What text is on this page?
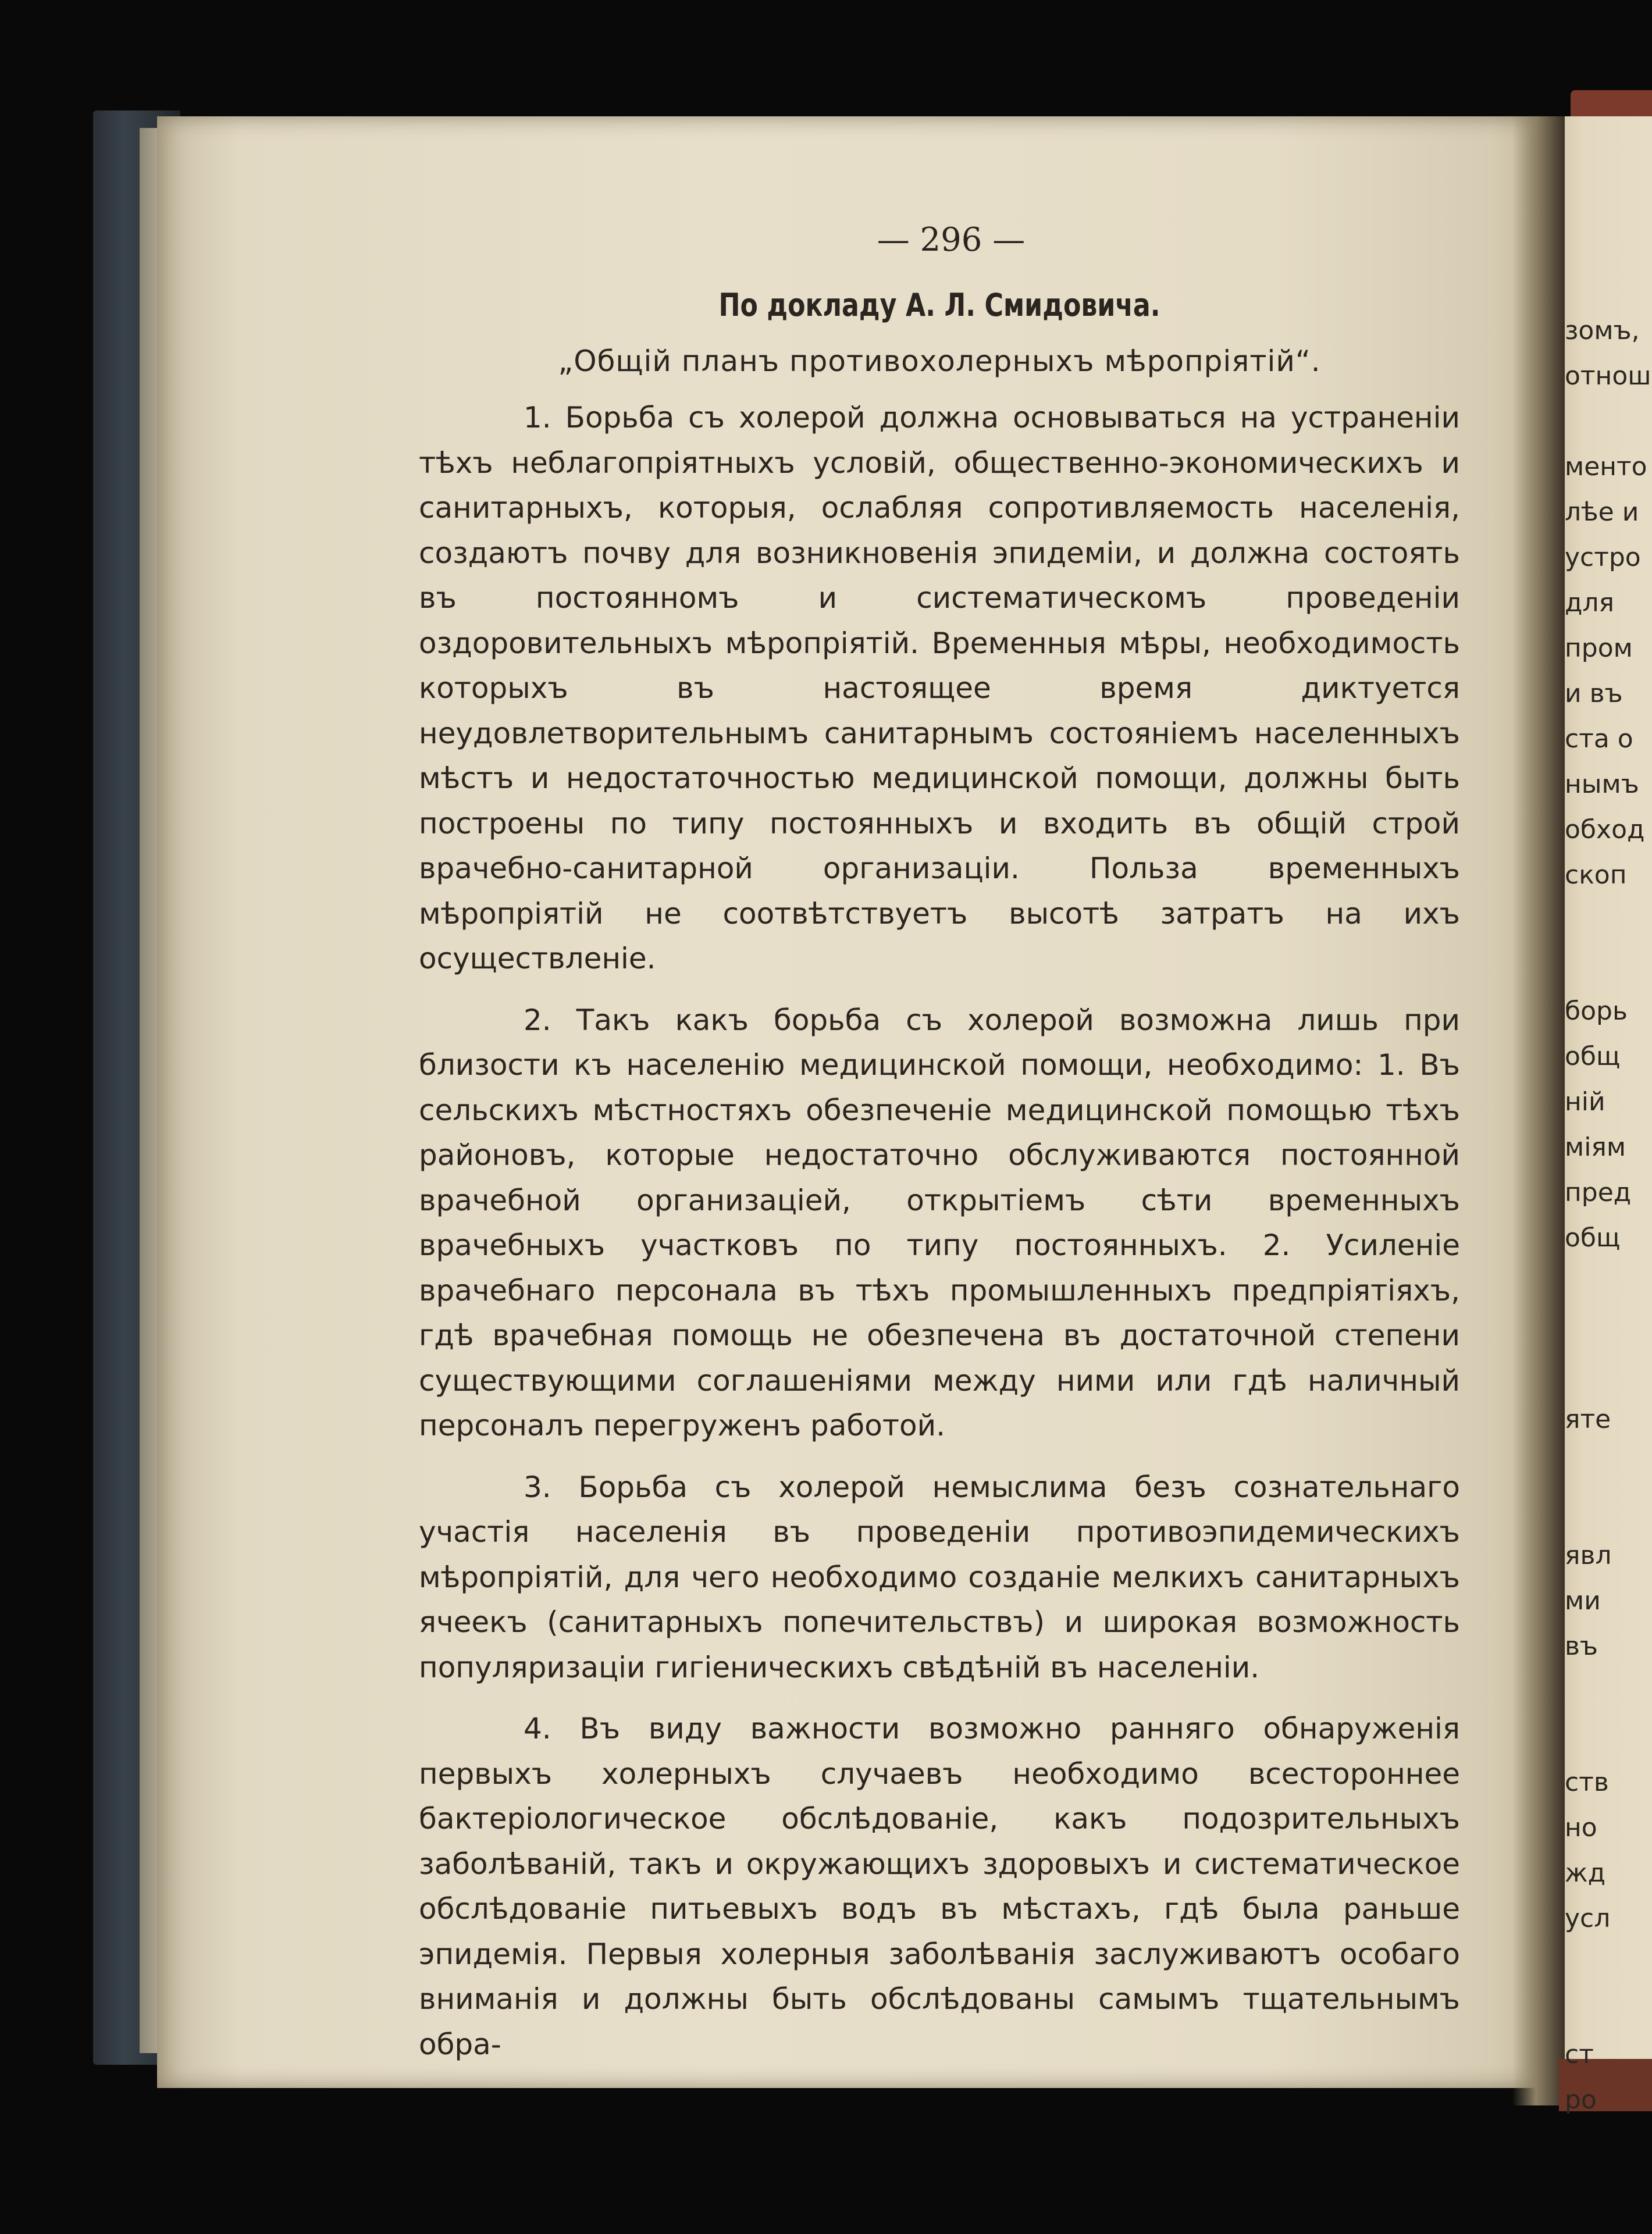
зомъ,
отнош

менто
лѣе и
устро
для
пром
и въ
ста о
нымъ
обход
скоп

борь
общ
ній
міям
пред
общ

яте

явл
ми
въ

ств
но
жд
усл

ст
ро
— 296 —
По докладу А. Л. Смидовича.
„Общій планъ противохолерныхъ мѣропріятій“.

1. Борьба съ холерой должна основываться на устраненіи тѣхъ неблагопріятныхъ условій, общественно-экономическихъ и санитарныхъ, которыя, ослабляя сопротивляемость населенія, создаютъ почву для возникновенія эпидеміи, и должна состоять въ постоянномъ и систематическомъ проведеніи оздоровительныхъ мѣропріятій. Временныя мѣры, необходимость которыхъ въ настоящее время диктуется неудовлетворительнымъ санитарнымъ состояніемъ населенныхъ мѣстъ и недостаточностью медицинской помощи, должны быть построены по типу постоянныхъ и входить въ общій строй врачебно-санитарной организаціи. Польза временныхъ мѣропріятій не соотвѣтствуетъ высотѣ затратъ на ихъ осуществленіе.

2. Такъ какъ борьба съ холерой возможна лишь при близости къ населенію медицинской помощи, необходимо: 1. Въ сельскихъ мѣстностяхъ обезпеченіе медицинской помощью тѣхъ районовъ, которые недостаточно обслуживаются постоянной врачебной организаціей, открытіемъ сѣти временныхъ врачебныхъ участковъ по типу постоянныхъ. 2. Усиленіе врачебнаго персонала въ тѣхъ промышленныхъ предпріятіяхъ, гдѣ врачебная помощь не обезпечена въ достаточной степени существующими соглашеніями между ними или гдѣ наличный персоналъ перегруженъ работой.

3. Борьба съ холерой немыслима безъ сознательнаго участія населенія въ проведеніи противоэпидемическихъ мѣропріятій, для чего необходимо созданіе мелкихъ санитарныхъ ячеекъ (санитарныхъ попечительствъ) и широкая возможность популяризаціи гигіеническихъ свѣдѣній въ населеніи.

4. Въ виду важности возможно ранняго обнаруженія первыхъ холерныхъ случаевъ необходимо всестороннее бактеріологическое обслѣдованіе, какъ подозрительныхъ заболѣваній, такъ и окружающихъ здоровыхъ и систематическое обслѣдованіе питьевыхъ водъ въ мѣстахъ, гдѣ была раньше эпидемія. Первыя холерныя заболѣванія заслуживаютъ особаго вниманія и должны быть обслѣдованы самымъ тщательнымъ обра-
